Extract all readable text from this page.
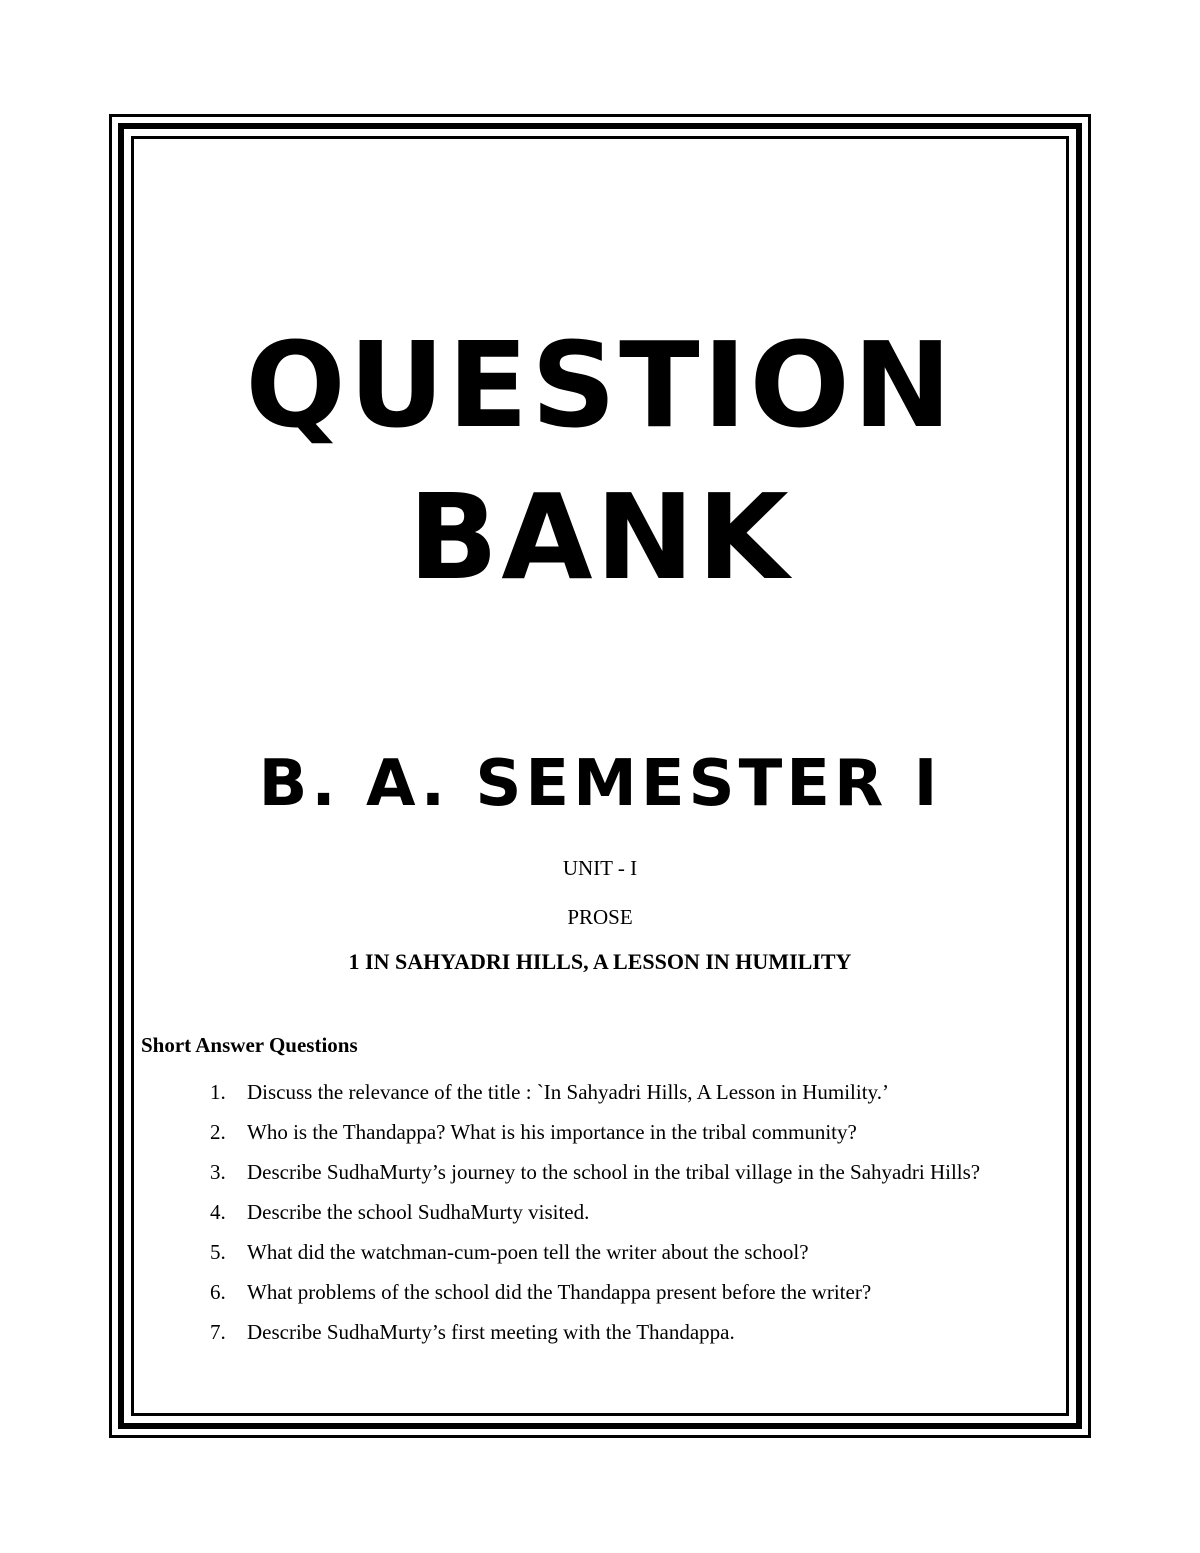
QUESTION
BANK
B. A. SEMESTER I
UNIT - I
PROSE
1 IN SAHYADRI HILLS, A LESSON IN HUMILITY
Short Answer Questions
1. Discuss the relevance of the title : `In Sahyadri Hills, A Lesson in Humility.’
2. Who is the Thandappa? What is his importance in the tribal community?
3. Describe SudhaMurty’s journey to the school in the tribal village in the Sahyadri Hills?
4. Describe the school SudhaMurty visited.
5. What did the watchman-cum-poen tell the writer about the school?
6. What problems of the school did the Thandappa present before the writer?
7. Describe SudhaMurty’s first meeting with the Thandappa.
